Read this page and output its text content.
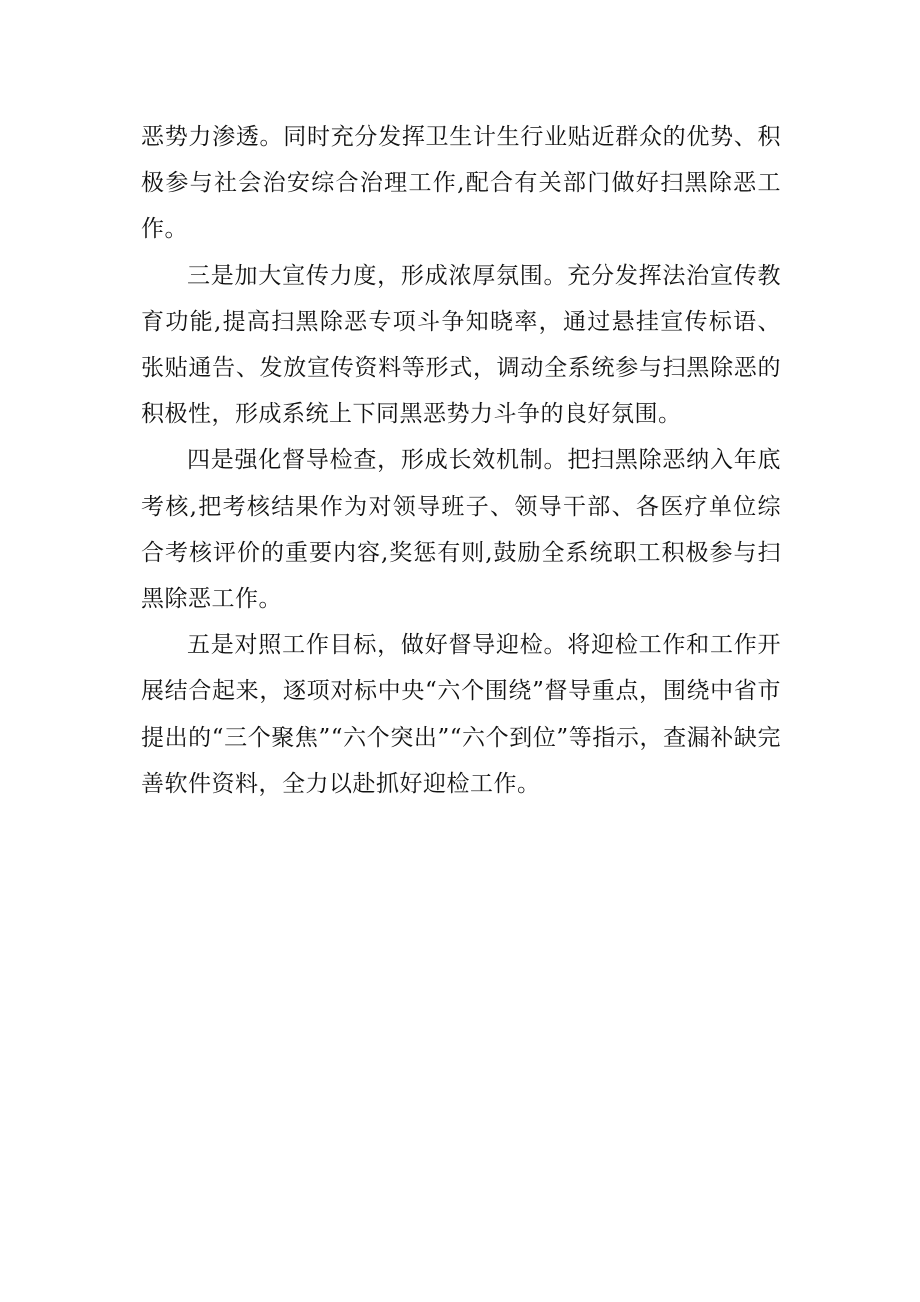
恶势力渗透。同时充分发挥卫生计生行业贴近群众的优势、积极参与社会治安综合治理工作,配合有关部门做好扫黑除恶工作。

三是加大宣传力度，形成浓厚氛围。充分发挥法治宣传教育功能,提高扫黑除恶专项斗争知晓率，通过悬挂宣传标语、张贴通告、发放宣传资料等形式，调动全系统参与扫黑除恶的积极性，形成系统上下同黑恶势力斗争的良好氛围。

四是强化督导检查，形成长效机制。把扫黑除恶纳入年底考核,把考核结果作为对领导班子、领导干部、各医疗单位综合考核评价的重要内容,奖惩有则,鼓励全系统职工积极参与扫黑除恶工作。

五是对照工作目标，做好督导迎检。将迎检工作和工作开展结合起来，逐项对标中央“六个围绕”督导重点，围绕中省市提出的“三个聚焦”“六个突出”“六个到位”等指示，查漏补缺完善软件资料，全力以赴抓好迎检工作。
